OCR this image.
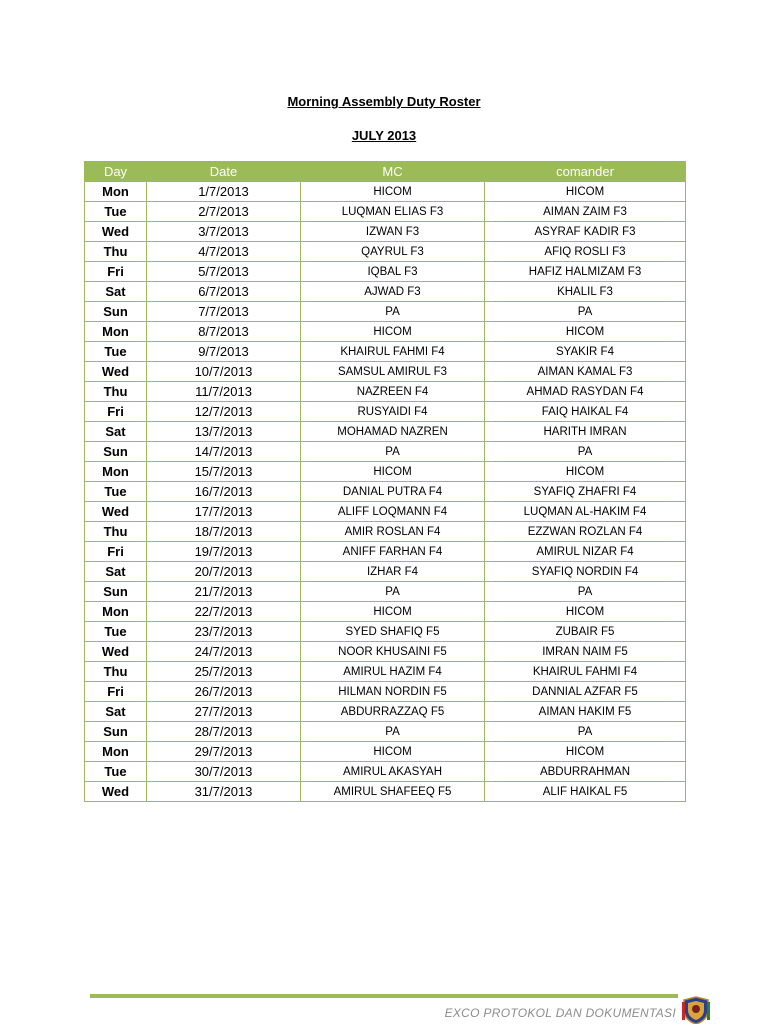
Morning Assembly Duty Roster
JULY 2013
Day	Date	MC	comander
Mon	1/7/2013	HICOM	HICOM
Tue	2/7/2013	LUQMAN ELIAS F3	AIMAN ZAIM F3
Wed	3/7/2013	IZWAN F3	ASYRAF KADIR F3
Thu	4/7/2013	QAYRUL F3	AFIQ ROSLI F3
Fri	5/7/2013	IQBAL F3	HAFIZ HALMIZAM F3
Sat	6/7/2013	AJWAD F3	KHALIL F3
Sun	7/7/2013	PA	PA
Mon	8/7/2013	HICOM	HICOM
Tue	9/7/2013	KHAIRUL FAHMI F4	SYAKIR F4
Wed	10/7/2013	SAMSUL AMIRUL F3	AIMAN KAMAL F3
Thu	11/7/2013	NAZREEN F4	AHMAD RASYDAN F4
Fri	12/7/2013	RUSYAIDI F4	FAIQ HAIKAL F4
Sat	13/7/2013	MOHAMAD NAZREN	HARITH IMRAN
Sun	14/7/2013	PA	PA
Mon	15/7/2013	HICOM	HICOM
Tue	16/7/2013	DANIAL PUTRA F4	SYAFIQ ZHAFRI F4
Wed	17/7/2013	ALIFF LOQMANN F4	LUQMAN AL-HAKIM F4
Thu	18/7/2013	AMIR ROSLAN F4	EZZWAN ROZLAN F4
Fri	19/7/2013	ANIFF FARHAN F4	AMIRUL NIZAR F4
Sat	20/7/2013	IZHAR F4	SYAFIQ NORDIN F4
Sun	21/7/2013	PA	PA
Mon	22/7/2013	HICOM	HICOM
Tue	23/7/2013	SYED SHAFIQ F5	ZUBAIR F5
Wed	24/7/2013	NOOR KHUSAINI F5	IMRAN NAIM F5
Thu	25/7/2013	AMIRUL HAZIM F4	KHAIRUL FAHMI F4
Fri	26/7/2013	HILMAN NORDIN F5	DANNIAL AZFAR F5
Sat	27/7/2013	ABDURRAZZAQ F5	AIMAN HAKIM F5
Sun	28/7/2013	PA	PA
Mon	29/7/2013	HICOM	HICOM
Tue	30/7/2013	AMIRUL AKASYAH	ABDURRAHMAN
Wed	31/7/2013	AMIRUL SHAFEEQ F5	ALIF HAIKAL F5
EXCO PROTOKOL DAN DOKUMENTASI
